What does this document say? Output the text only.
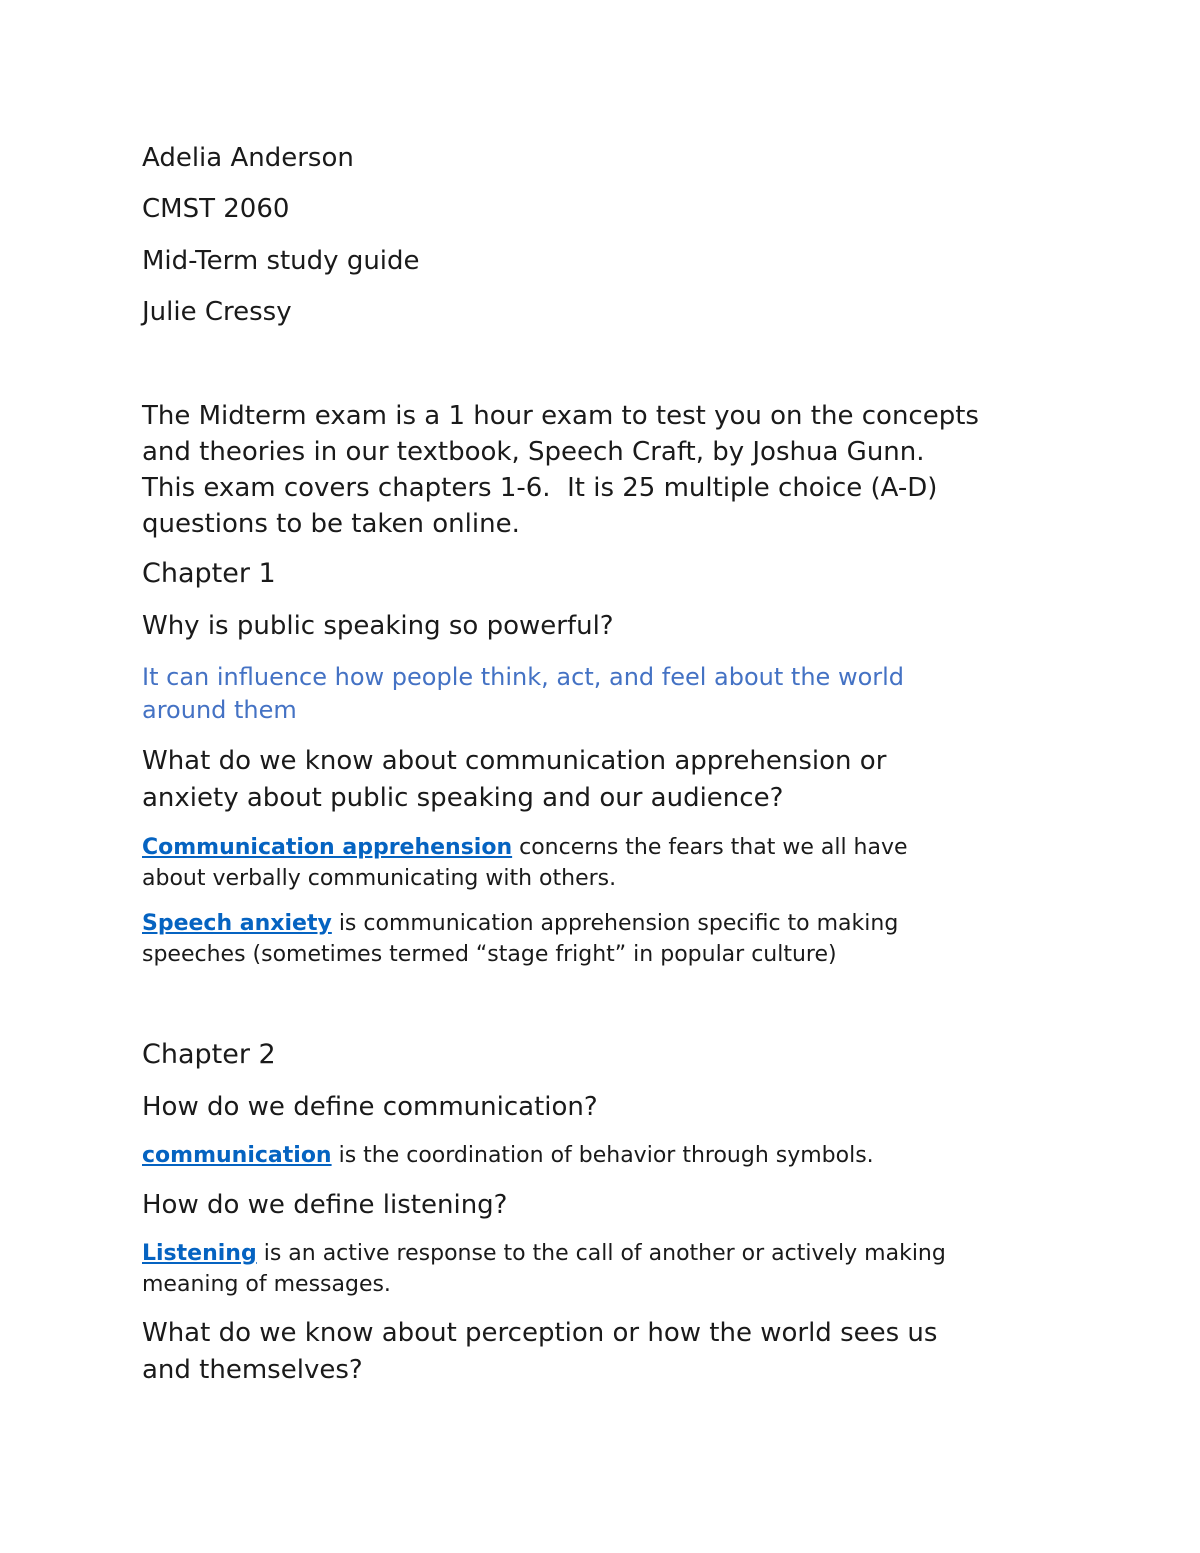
Adelia Anderson

CMST 2060

Mid-Term study guide

Julie Cressy

The Midterm exam is a 1 hour exam to test you on the concepts
and theories in our textbook, Speech Craft, by Joshua Gunn.
This exam covers chapters 1-6.  It is 25 multiple choice (A-D)
questions to be taken online.

Chapter 1

Why is public speaking so powerful?

It can influence how people think, act, and feel about the world
around them
What do we know about communication apprehension or
anxiety about public speaking and our audience?
Communication apprehension concerns the fears that we all have
about verbally communicating with others.
Speech anxiety is communication apprehension specific to making
speeches (sometimes termed “stage fright” in popular culture)

Chapter 2

How do we define communication?

communication is the coordination of behavior through symbols.

How do we define listening?

Listening is an active response to the call of another or actively making
meaning of messages.
What do we know about perception or how the world sees us
and themselves?
